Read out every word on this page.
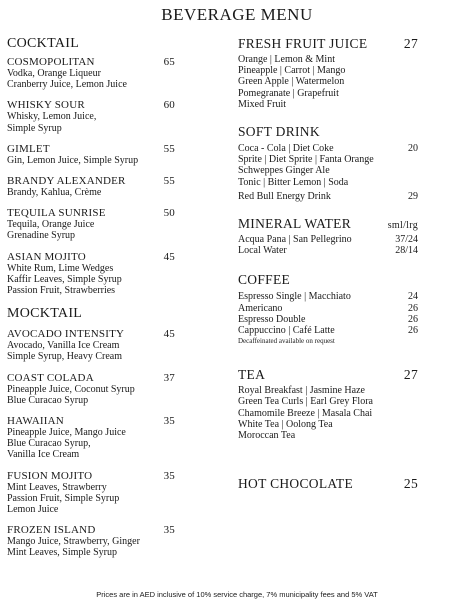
BEVERAGE MENU
COCKTAIL
COSMOPOLITAN	65
Vodka, Orange Liqueur
Cranberry Juice, Lemon Juice
WHISKY SOUR	60
Whisky, Lemon Juice,
Simple Syrup
GIMLET	55
Gin, Lemon Juice, Simple Syrup
BRANDY ALEXANDER	55
Brandy, Kahlua, Crème
TEQUILA SUNRISE	50
Tequila, Orange Juice
Grenadine Syrup
ASIAN MOJITO	45
White Rum, Lime Wedges
Kaffir Leaves, Simple Syrup
Passion Fruit, Strawberries
MOCKTAIL
AVOCADO INTENSITY	45
Avocado, Vanilla Ice Cream
Simple Syrup, Heavy Cream
COAST COLADA	37
Pineapple Juice, Coconut Syrup
Blue Curacao Syrup
HAWAIIAN	35
Pineapple Juice, Mango Juice
Blue Curacao Syrup,
Vanilla Ice Cream
FUSION MOJITO	35
Mint Leaves, Strawberry
Passion Fruit, Simple Syrup
Lemon Juice
FROZEN ISLAND	35
Mango Juice, Strawberry, Ginger
Mint Leaves, Simple Syrup
FRESH FRUIT JUICE	27
Orange | Lemon & Mint
Pineapple | Carrot | Mango
Green Apple | Watermelon
Pomegranate | Grapefruit
Mixed Fruit
SOFT DRINK
Coca - Cola | Diet Coke	20
Sprite | Diet Sprite | Fanta Orange
Schweppes Ginger Ale
Tonic | Bitter Lemon | Soda
Red Bull Energy Drink	29
MINERAL WATER	sml/lrg
Acqua Pana | San Pellegrino	37/24
Local Water	28/14
COFFEE
Espresso Single | Macchiato	24
Americano	26
Espresso Double	26
Cappuccino | Café Latte	26
Decaffeinated available on request
TEA	27
Royal Breakfast | Jasmine Haze
Green Tea Curls | Earl Grey Flora
Chamomile Breeze | Masala Chai
White Tea | Oolong Tea
Moroccan Tea
HOT CHOCOLATE	25
Prices are in AED inclusive of 10% service charge, 7% municipality fees and 5% VAT
